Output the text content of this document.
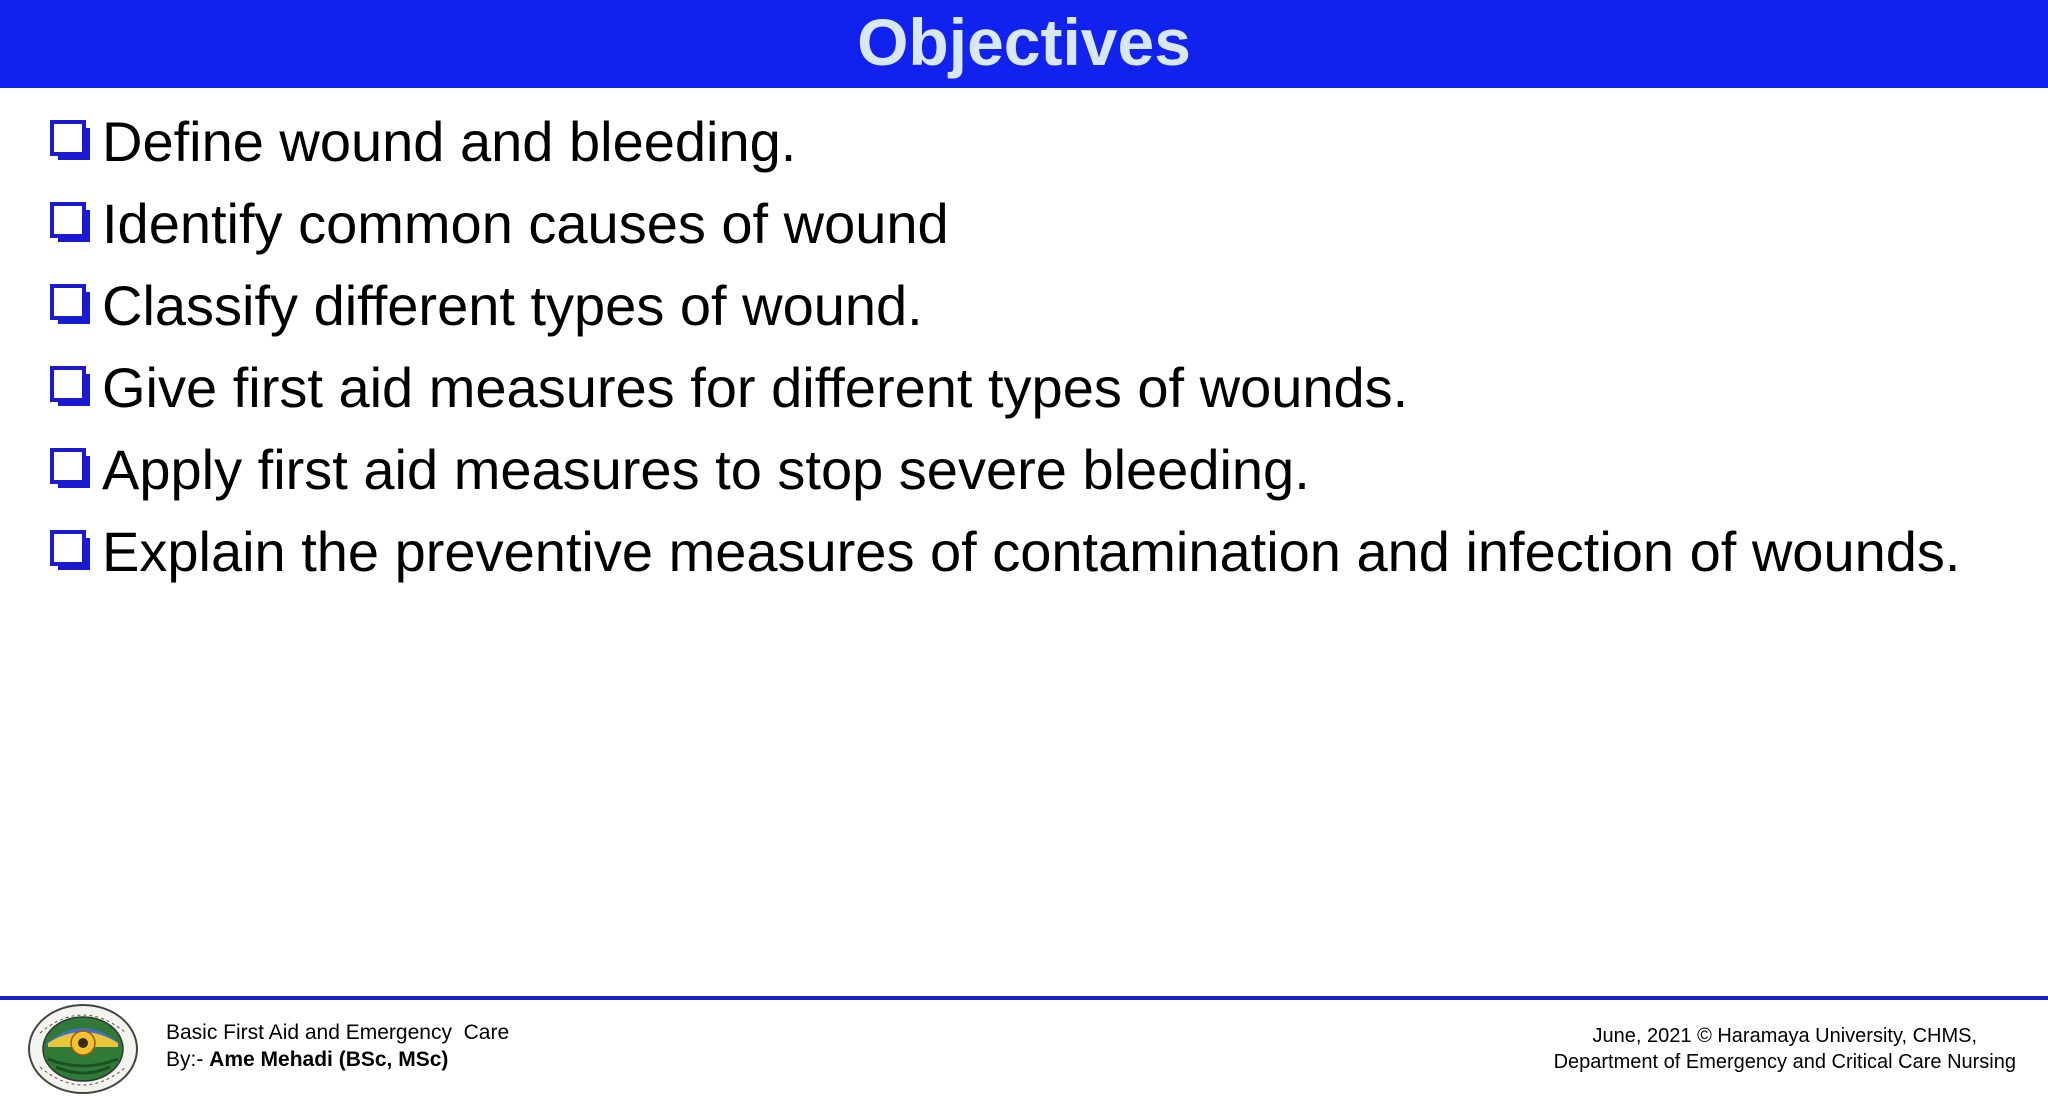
Objectives
Define wound and bleeding.
Identify common causes of wound
Classify different types of wound.
Give first aid measures for different types of wounds.
Apply first aid measures to stop severe bleeding.
Explain the preventive measures of contamination and infection of wounds.
Basic First Aid and Emergency  Care
By:- Ame Mehadi (BSc, MSc)
June, 2021 © Haramaya University, CHMS,
Department of Emergency and Critical Care Nursing
